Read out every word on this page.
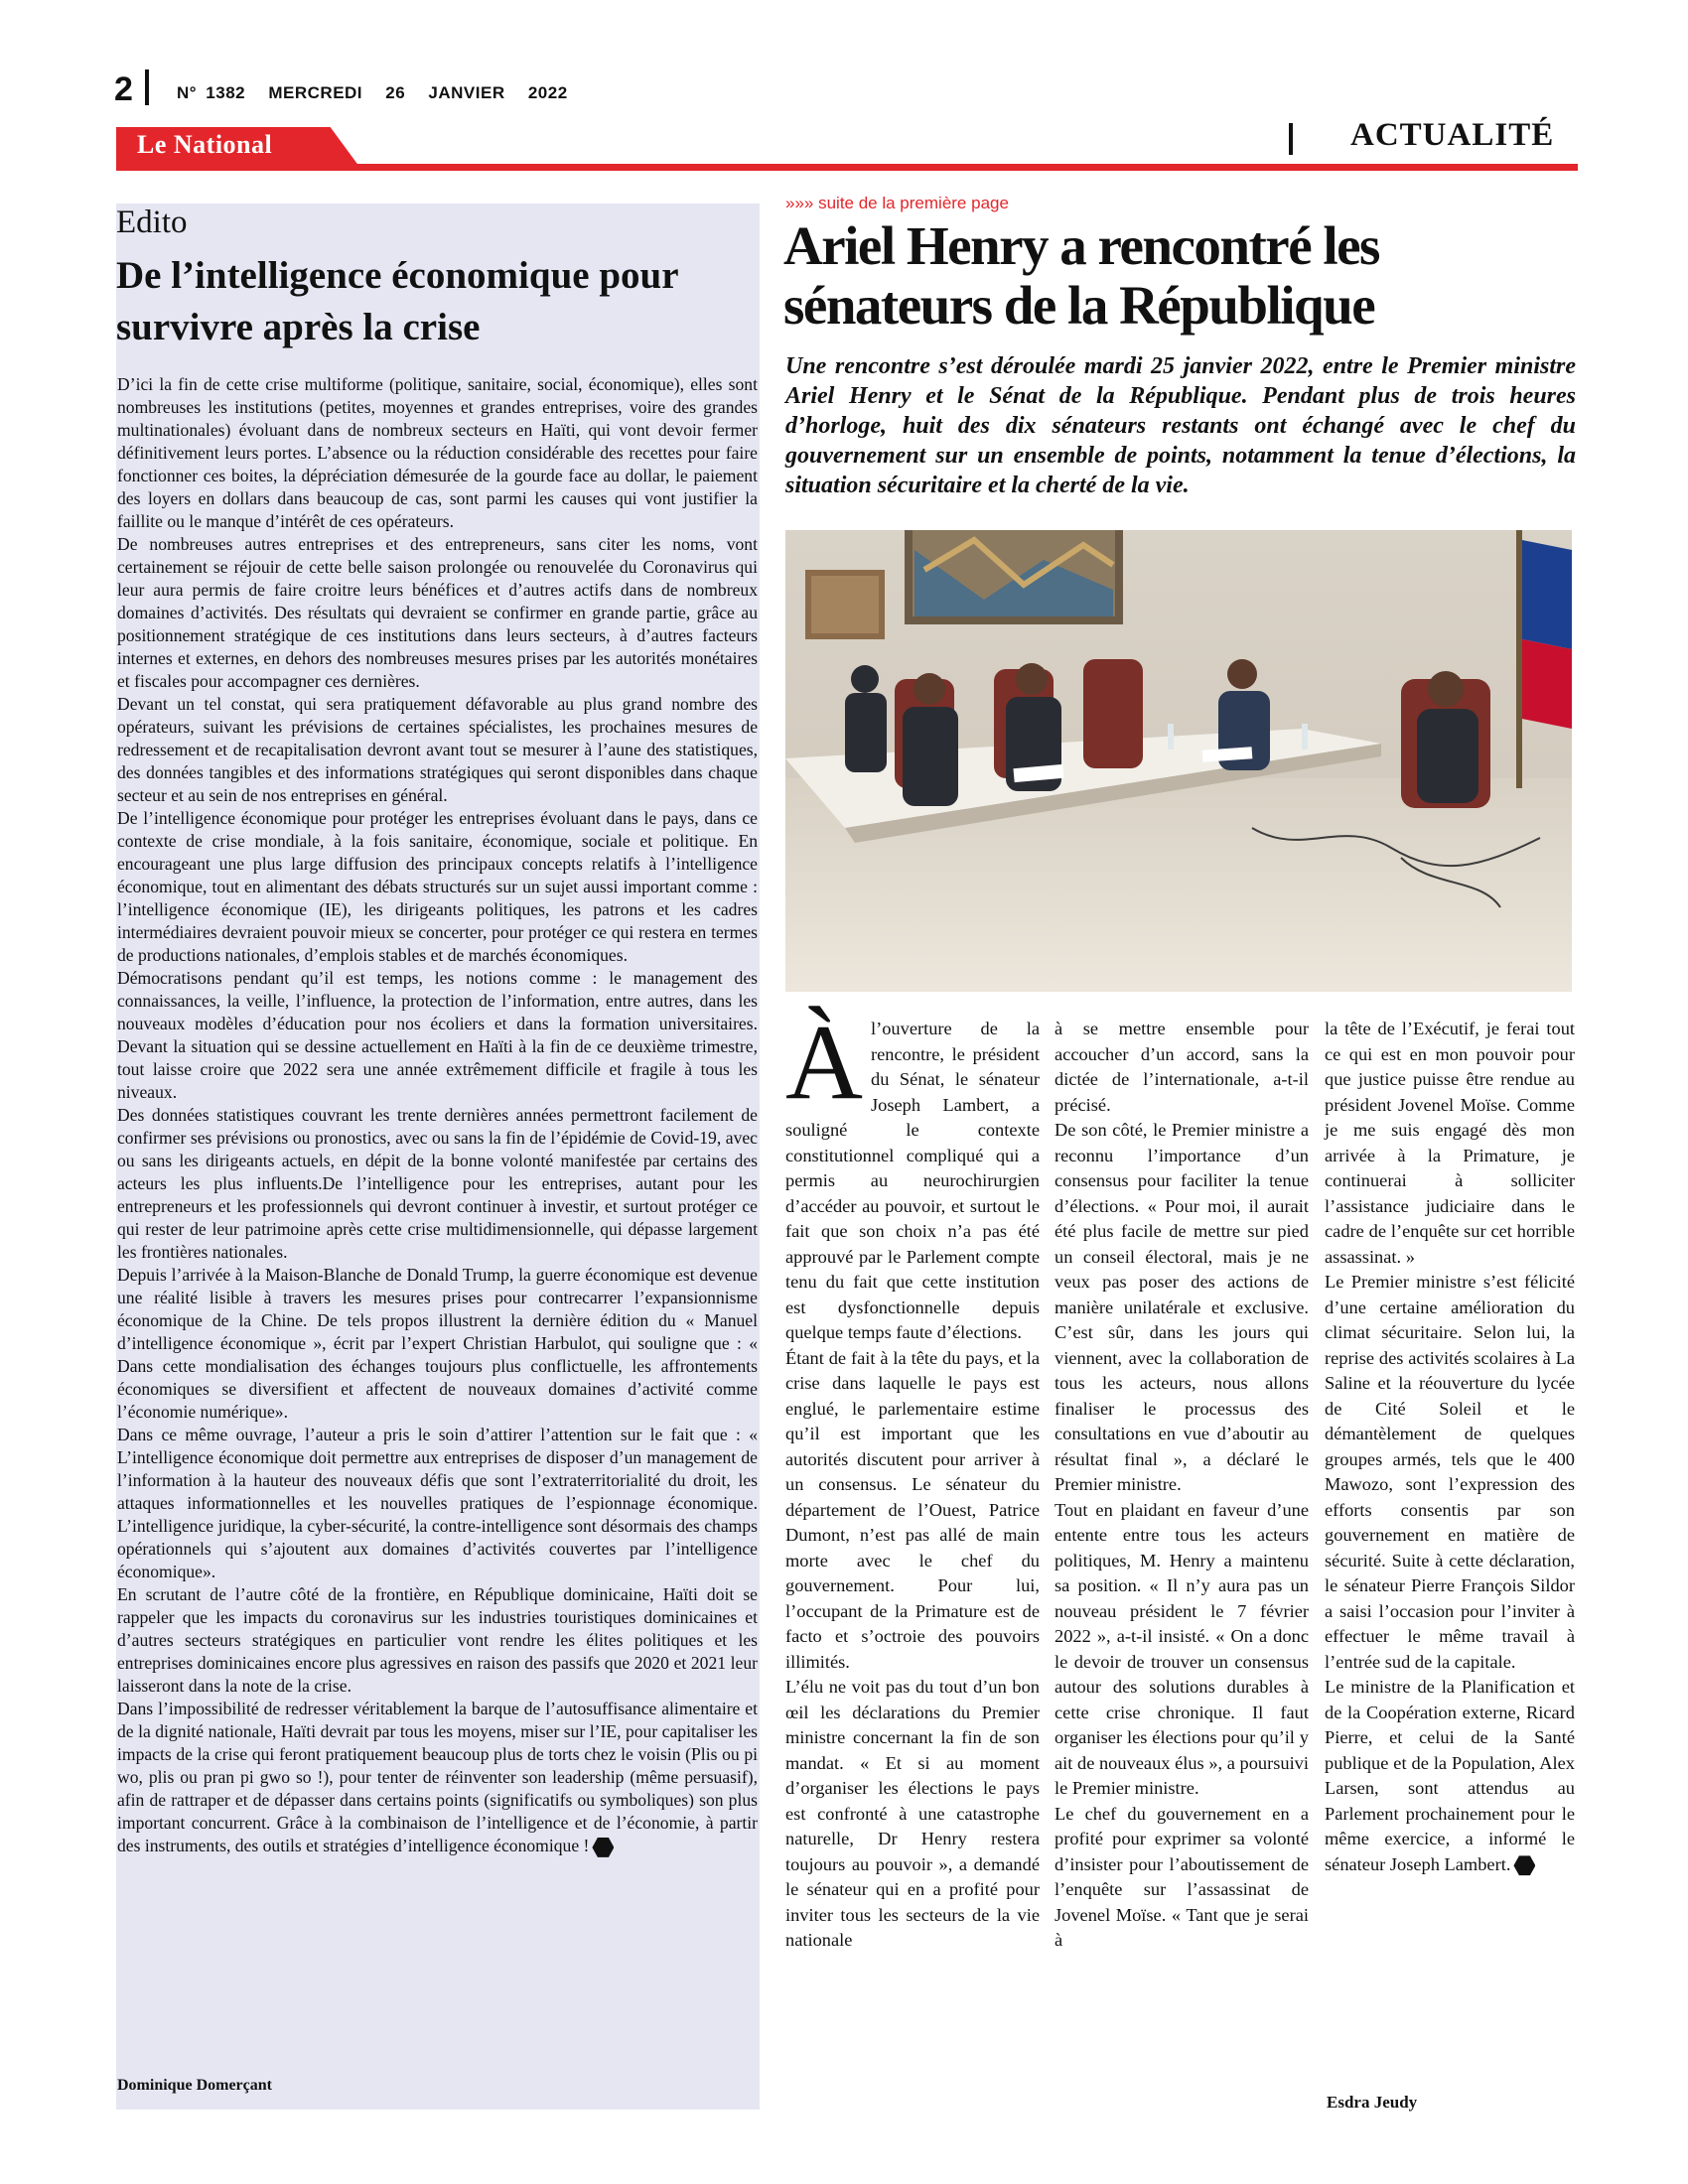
2	N° 1382 MERCREDI 26 JANVIER 2022
Le National	ACTUALITÉ
Edito
De l’intelligence économique pour survivre après la crise

D’ici la fin de cette crise multiforme (politique, sanitaire, social, économique), elles sont nombreuses les institutions (petites, moyennes et grandes entreprises, voire des grandes multinationales) évoluant dans de nombreux secteurs en Haïti, qui vont devoir fermer définitivement leurs portes. L’absence ou la réduction considérable des recettes pour faire fonctionner ces boites, la dépréciation démesurée de la gourde face au dollar, le paiement des loyers en dollars dans beaucoup de cas, sont parmi les causes qui vont justifier la faillite ou le manque d’intérêt de ces opérateurs.

De nombreuses autres entreprises et des entrepreneurs, sans citer les noms, vont certainement se réjouir de cette belle saison prolongée ou renouvelée du Coronavirus qui leur aura permis de faire croitre leurs bénéfices et d’autres actifs dans de nombreux domaines d’activités. Des résultats qui devraient se confirmer en grande partie, grâce au positionnement stratégique de ces institutions dans leurs secteurs, à d’autres facteurs internes et externes, en dehors des nombreuses mesures prises par les autorités monétaires et fiscales pour accompagner ces dernières.

Devant un tel constat, qui sera pratiquement défavorable au plus grand nombre des opérateurs, suivant les prévisions de certaines spécialistes, les prochaines mesures de redressement et de recapitalisation devront avant tout se mesurer à l’aune des statistiques, des données tangibles et des informations stratégiques qui seront disponibles dans chaque secteur et au sein de nos entreprises en général.

De l’intelligence économique pour protéger les entreprises évoluant dans le pays, dans ce contexte de crise mondiale, à la fois sanitaire, économique, sociale et politique. En encourageant une plus large diffusion des principaux concepts relatifs à l’intelligence économique, tout en alimentant des débats structurés sur un sujet aussi important comme : l’intelligence économique (IE), les dirigeants politiques, les patrons et les cadres intermédiaires devraient pouvoir mieux se concerter, pour protéger ce qui restera en termes de productions nationales, d’emplois stables et de marchés économiques.

Démocratisons pendant qu’il est temps, les notions comme : le management des connaissances, la veille, l’influence, la protection de l’information, entre autres, dans les nouveaux modèles d’éducation pour nos écoliers et dans la formation universitaires. Devant la situation qui se dessine actuellement en Haïti à la fin de ce deuxième trimestre, tout laisse croire que 2022 sera une année extrêmement difficile et fragile à tous les niveaux.

Des données statistiques couvrant les trente dernières années permettront facilement de confirmer ses prévisions ou pronostics, avec ou sans la fin de l’épidémie de Covid-19, avec ou sans les dirigeants actuels, en dépit de la bonne volonté manifestée par certains des acteurs les plus influents.De l’intelligence pour les entreprises, autant pour les entrepreneurs et les professionnels qui devront continuer à investir, et surtout protéger ce qui rester de leur patrimoine après cette crise multidimensionnelle, qui dépasse largement les frontières nationales.

Depuis l’arrivée à la Maison-Blanche de Donald Trump, la guerre économique est devenue une réalité lisible à travers les mesures prises pour contrecarrer l’expansionnisme économique de la Chine. De tels propos illustrent la dernière édition du « Manuel d’intelligence économique », écrit par l’expert Christian Harbulot, qui souligne que : « Dans cette mondialisation des échanges toujours plus conflictuelle, les affrontements économiques se diversifient et affectent de nouveaux domaines d’activité comme l’économie numérique».

Dans ce même ouvrage, l’auteur a pris le soin d’attirer l’attention sur le fait que : « L’intelligence économique doit permettre aux entreprises de disposer d’un management de l’information à la hauteur des nouveaux défis que sont l’extraterritorialité du droit, les attaques informationnelles et les nouvelles pratiques de l’espionnage économique. L’intelligence juridique, la cyber-sécurité, la contre-intelligence sont désormais des champs opérationnels qui s’ajoutent aux domaines d’activités couvertes par l’intelligence économique».

En scrutant de l’autre côté de la frontière, en République dominicaine, Haïti doit se rappeler que les impacts du coronavirus sur les industries touristiques dominicaines et d’autres secteurs stratégiques en particulier vont rendre les élites politiques et les entreprises dominicaines encore plus agressives en raison des passifs que 2020 et 2021 leur laisseront dans la note de la crise.

Dans l’impossibilité de redresser véritablement la barque de l’autosuffisance alimentaire et de la dignité nationale, Haïti devrait par tous les moyens, miser sur l’IE, pour capitaliser les impacts de la crise qui feront pratiquement beaucoup plus de torts chez le voisin (Plis ou pi wo, plis ou pran pi gwo so !), pour tenter de réinventer son leadership (même persuasif), afin de rattraper et de dépasser dans certains points (significatifs ou symboliques) son plus important concurrent. Grâce à la combinaison de l’intelligence et de l’économie, à partir des instruments, des outils et stratégies d’intelligence économique !

Dominique Domerçant
»»» suite de la première page
Ariel Henry a rencontré les sénateurs de la République
Une rencontre s’est déroulée mardi 25 janvier 2022, entre le Premier ministre Ariel Henry et le Sénat de la République. Pendant plus de trois heures d’horloge, huit des dix sénateurs restants ont échangé avec le chef du gouvernement sur un ensemble de points, notamment la tenue d’élections, la situation sécuritaire et la cherté de la vie.

Àl’ouverture de la rencontre, le président du Sénat, le sénateur Joseph Lambert, a souligné le contexte constitutionnel compliqué qui a permis au neurochirurgien d’accéder au pouvoir, et surtout le fait que son choix n’a pas été approuvé par le Parlement compte tenu du fait que cette institution est dysfonctionnelle depuis quelque temps faute d’élections.

Étant de fait à la tête du pays, et la crise dans laquelle le pays est englué, le parlementaire estime qu’il est important que les autorités discutent pour arriver à un consensus. Le sénateur du département de l’Ouest, Patrice Dumont, n’est pas allé de main morte avec le chef du gouvernement. Pour lui, l’occupant de la Primature est de facto et s’octroie des pouvoirs illimités.

L’élu ne voit pas du tout d’un bon œil les déclarations du Premier ministre concernant la fin de son mandat. « Et si au moment d’organiser les élections le pays est confronté à une catastrophe naturelle, Dr Henry restera toujours au pouvoir », a demandé le sénateur qui en a profité pour inviter tous les secteurs de la vie nationale

à se mettre ensemble pour accoucher d’un accord, sans la dictée de l’internationale, a-t-il précisé.

De son côté, le Premier ministre a reconnu l’importance d’un consensus pour faciliter la tenue d’élections. « Pour moi, il aurait été plus facile de mettre sur pied un conseil électoral, mais je ne veux pas poser des actions de manière unilatérale et exclusive. C’est sûr, dans les jours qui viennent, avec la collaboration de tous les acteurs, nous allons finaliser le processus des consultations en vue d’aboutir au résultat final », a déclaré le Premier ministre.

Tout en plaidant en faveur d’une entente entre tous les acteurs politiques, M. Henry a maintenu sa position. « Il n’y aura pas un nouveau président le 7 février 2022 », a-t-il insisté. « On a donc le devoir de trouver un consensus autour des solutions durables à cette crise chronique. Il faut organiser les élections pour qu’il y ait de nouveaux élus », a poursuivi le Premier ministre.

Le chef du gouvernement en a profité pour exprimer sa volonté d’insister pour l’aboutissement de l’enquête sur l’assassinat de Jovenel Moïse. « Tant que je serai à

la tête de l’Exécutif, je ferai tout ce qui est en mon pouvoir pour que justice puisse être rendue au président Jovenel Moïse. Comme je me suis engagé dès mon arrivée à la Primature, je continuerai à solliciter l’assistance judiciaire dans le cadre de l’enquête sur cet horrible assassinat. »

Le Premier ministre s’est félicité d’une certaine amélioration du climat sécuritaire. Selon lui, la reprise des activités scolaires à La Saline et la réouverture du lycée de Cité Soleil et le démantèlement de quelques groupes armés, tels que le 400 Mawozo, sont l’expression des efforts consentis par son gouvernement en matière de sécurité. Suite à cette déclaration, le sénateur Pierre François Sildor a saisi l’occasion pour l’inviter à effectuer le même travail à l’entrée sud de la capitale.

Le ministre de la Planification et de la Coopération externe, Ricard Pierre, et celui de la Santé publique et de la Population, Alex Larsen, sont attendus au Parlement prochainement pour le même exercice, a informé le sénateur Joseph Lambert.

Esdra Jeudy
